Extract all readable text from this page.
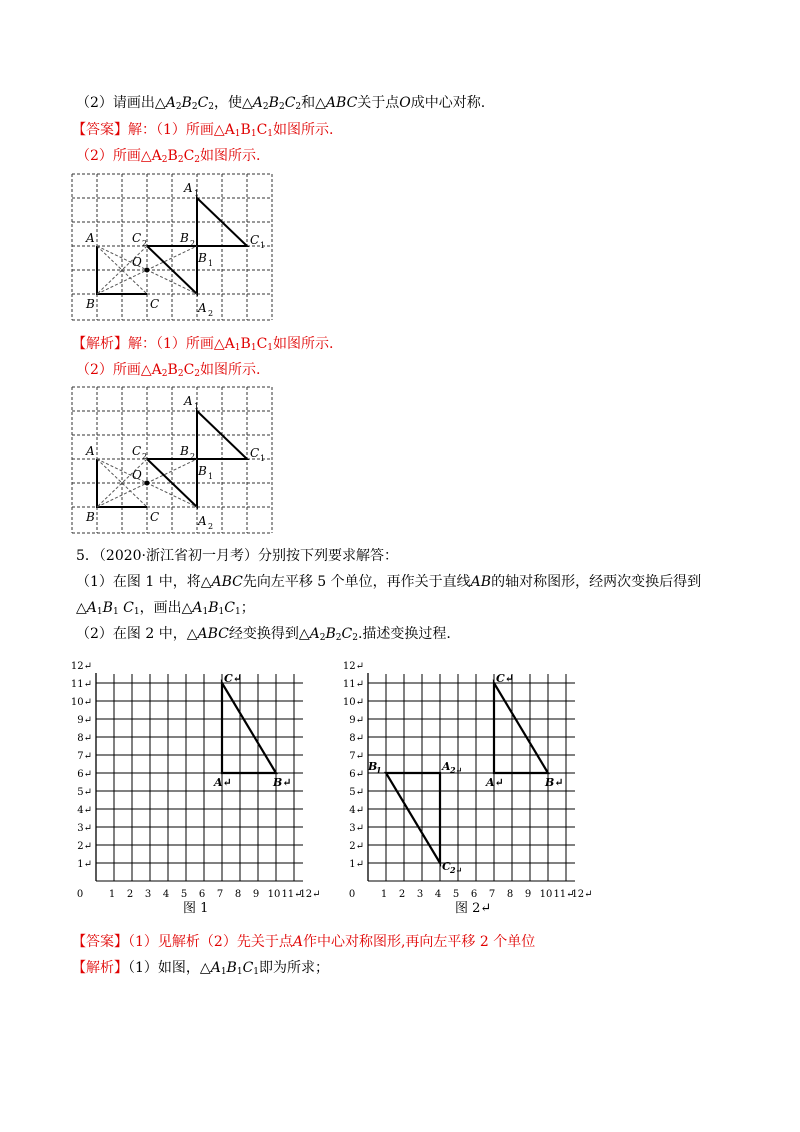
（2）请画出$\triangle A_2B_2C_2$，使$\triangle A_2B_2C_2$和△ABC关于点O成中心对称.
【答案】解：（1）所画$\triangle A_1B_1C_1$如图所示.
（2）所画$\triangle A_2B_2C_2$如图所示.
A
B	C
O
A 1
B 1
C 1
A 2
B 2
C 2
【解析】解：（1）所画$\triangle A_1B_1C_1$如图所示.
（2）所画$\triangle A_2B_2C_2$如图所示.
A
B	C
O
A 1
B 1
C 1
A 2
B 2
C 2
5．（2020·浙江省初一月考）分别按下列要求解答：
（1）在图 1 中，将△ABC先向左平移 5 个单位，再作关于直线AB的轴对称图形，经两次变换后得到
$\triangle A_1B_1$ $C_1$，画出$\triangle A_1B_1C_1$；
（2）在图 2 中，△ABC经变换得到$\triangle A_2B_2C_2$.描述变换过程.
1↵
2↵
3↵
4↵
5↵
6↵
7↵
8↵
9↵
10↵
11↵
12↵
0	1 2 3 4 5 6 7 8 9 10 11↵
12↵
1↵
2↵
3↵
4↵
5↵
6↵
7↵
8↵
9↵
10↵
11↵
12↵
0	1 2 3 4 5 6 7 8 9 10 11↵
12↵
C↵
A↵	B↵
C↵
A↵	B↵
B
1	A 2↵
C 2↵
图 1	图 2↵
【答案】（1）见解析（2）先关于点A作中心对称图形,再向左平移 2 个单位
【解析】（1）如图，$\triangle A_1B_1C_1$即为所求；
